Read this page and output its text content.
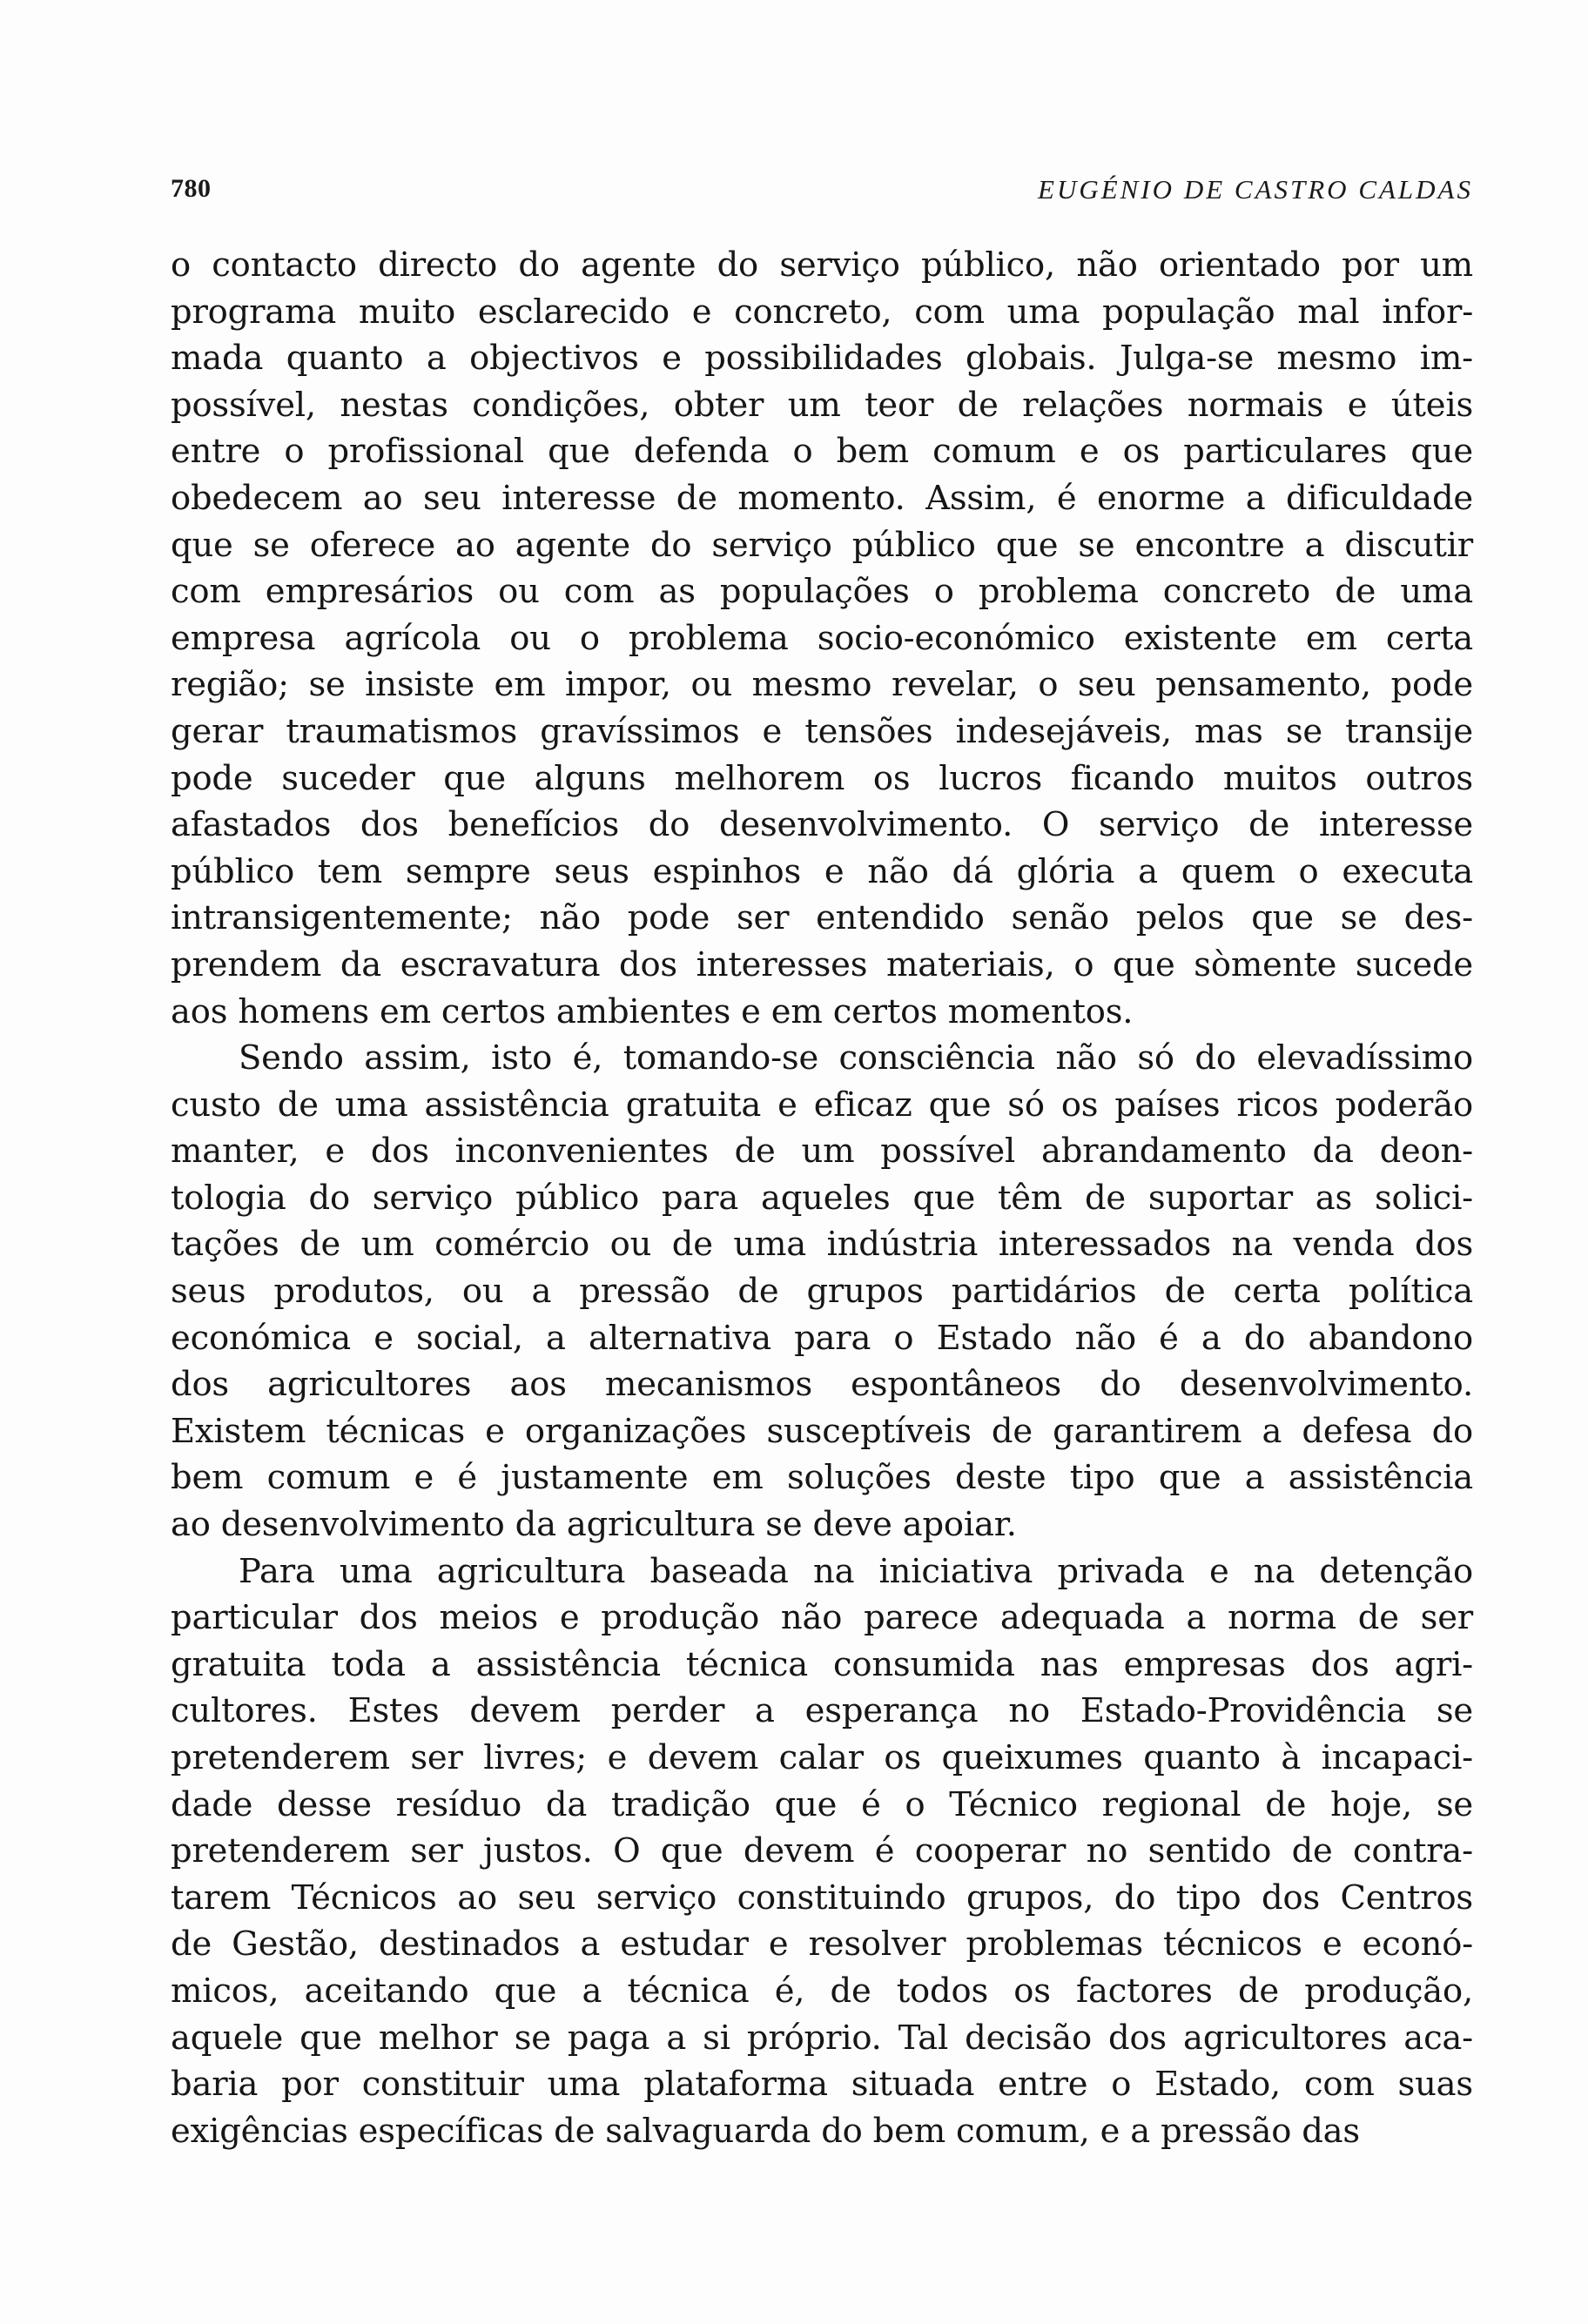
780	EUGÉNIO DE CASTRO CALDAS

o contacto directo do agente do serviço público, não orientado por um
programa muito esclarecido e concreto, com uma população mal infor-
mada quanto a objectivos e possibilidades globais. Julga-se mesmo im-
possível, nestas condições, obter um teor de relações normais e úteis
entre o profissional que defenda o bem comum e os particulares que
obedecem ao seu interesse de momento. Assim, é enorme a dificuldade
que se oferece ao agente do serviço público que se encontre a discutir
com empresários ou com as populações o problema concreto de uma
empresa agrícola ou o problema socio-económico existente em certa
região; se insiste em impor, ou mesmo revelar, o seu pensamento, pode
gerar traumatismos gravíssimos e tensões indesejáveis, mas se transije
pode suceder que alguns melhorem os lucros ficando muitos outros
afastados dos benefícios do desenvolvimento. O serviço de interesse
público tem sempre seus espinhos e não dá glória a quem o executa
intransigentemente; não pode ser entendido senão pelos que se des-
prendem da escravatura dos interesses materiais, o que sòmente sucede
aos homens em certos ambientes e em certos momentos.

Sendo assim, isto é, tomando-se consciência não só do elevadíssimo
custo de uma assistência gratuita e eficaz que só os países ricos poderão
manter, e dos inconvenientes de um possível abrandamento da deon-
tologia do serviço público para aqueles que têm de suportar as solici-
tações de um comércio ou de uma indústria interessados na venda dos
seus produtos, ou a pressão de grupos partidários de certa política
económica e social, a alternativa para o Estado não é a do abandono
dos agricultores aos mecanismos espontâneos do desenvolvimento.
Existem técnicas e organizações susceptíveis de garantirem a defesa do
bem comum e é justamente em soluções deste tipo que a assistência
ao desenvolvimento da agricultura se deve apoiar.

Para uma agricultura baseada na iniciativa privada e na detenção
particular dos meios e produção não parece adequada a norma de ser
gratuita toda a assistência técnica consumida nas empresas dos agri-
cultores. Estes devem perder a esperança no Estado-Providência se
pretenderem ser livres; e devem calar os queixumes quanto à incapaci-
dade desse resíduo da tradição que é o Técnico regional de hoje, se
pretenderem ser justos. O que devem é cooperar no sentido de contra-
tarem Técnicos ao seu serviço constituindo grupos, do tipo dos Centros
de Gestão, destinados a estudar e resolver problemas técnicos e econó-
micos, aceitando que a técnica é, de todos os factores de produção,
aquele que melhor se paga a si próprio. Tal decisão dos agricultores aca-
baria por constituir uma plataforma situada entre o Estado, com suas
exigências específicas de salvaguarda do bem comum, e a pressão das
